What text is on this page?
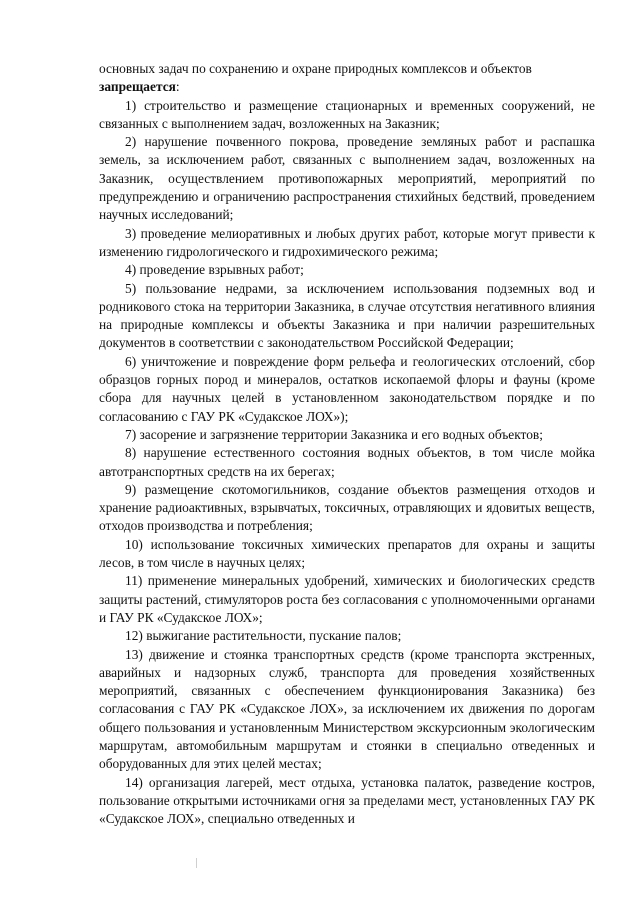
основных задач по сохранению и охране природных комплексов и объектов
запрещается:

1) строительство и размещение стационарных и временных сооружений, не связанных с выполнением задач, возложенных на Заказник;

2) нарушение почвенного покрова, проведение земляных работ и распашка земель, за исключением работ, связанных с выполнением задач, возложенных на Заказник, осуществлением противопожарных мероприятий, мероприятий по предупреждению и ограничению распространения стихийных бедствий, проведением научных исследований;

3) проведение мелиоративных и любых других работ, которые могут привести к изменению гидрологического и гидрохимического режима;

4) проведение взрывных работ;

5) пользование недрами, за исключением использования подземных вод и родникового стока на территории Заказника, в случае отсутствия негативного влияния на природные комплексы и объекты Заказника и при наличии разрешительных документов в соответствии с законодательством Российской Федерации;

6) уничтожение и повреждение форм рельефа и геологических отслоений, сбор образцов горных пород и минералов, остатков ископаемой флоры и фауны (кроме сбора для научных целей в установленном законодательством порядке и по согласованию с ГАУ РК «Судакское ЛОХ»);

7) засорение и загрязнение территории Заказника и его водных объектов;

8) нарушение естественного состояния водных объектов, в том числе мойка автотранспортных средств на их берегах;

9) размещение скотомогильников, создание объектов размещения отходов и хранение радиоактивных, взрывчатых, токсичных, отравляющих и ядовитых веществ, отходов производства и потребления;

10) использование токсичных химических препаратов для охраны и защиты лесов, в том числе в научных целях;

11) применение минеральных удобрений, химических и биологических средств защиты растений, стимуляторов роста без согласования с уполномоченными органами и ГАУ РК «Судакское ЛОХ»;

12) выжигание растительности, пускание палов;

13) движение и стоянка транспортных средств (кроме транспорта экстренных, аварийных и надзорных служб, транспорта для проведения хозяйственных мероприятий, связанных с обеспечением функционирования Заказника) без согласования с ГАУ РК «Судакское ЛОХ», за исключением их движения по дорогам общего пользования и установленным Министерством экскурсионным экологическим маршрутам, автомобильным маршрутам и стоянки в специально отведенных и оборудованных для этих целей местах;

14) организация лагерей, мест отдыха, установка палаток, разведение костров, пользование открытыми источниками огня за пределами мест, установленных ГАУ РК «Судакское ЛОХ», специально отведенных и
